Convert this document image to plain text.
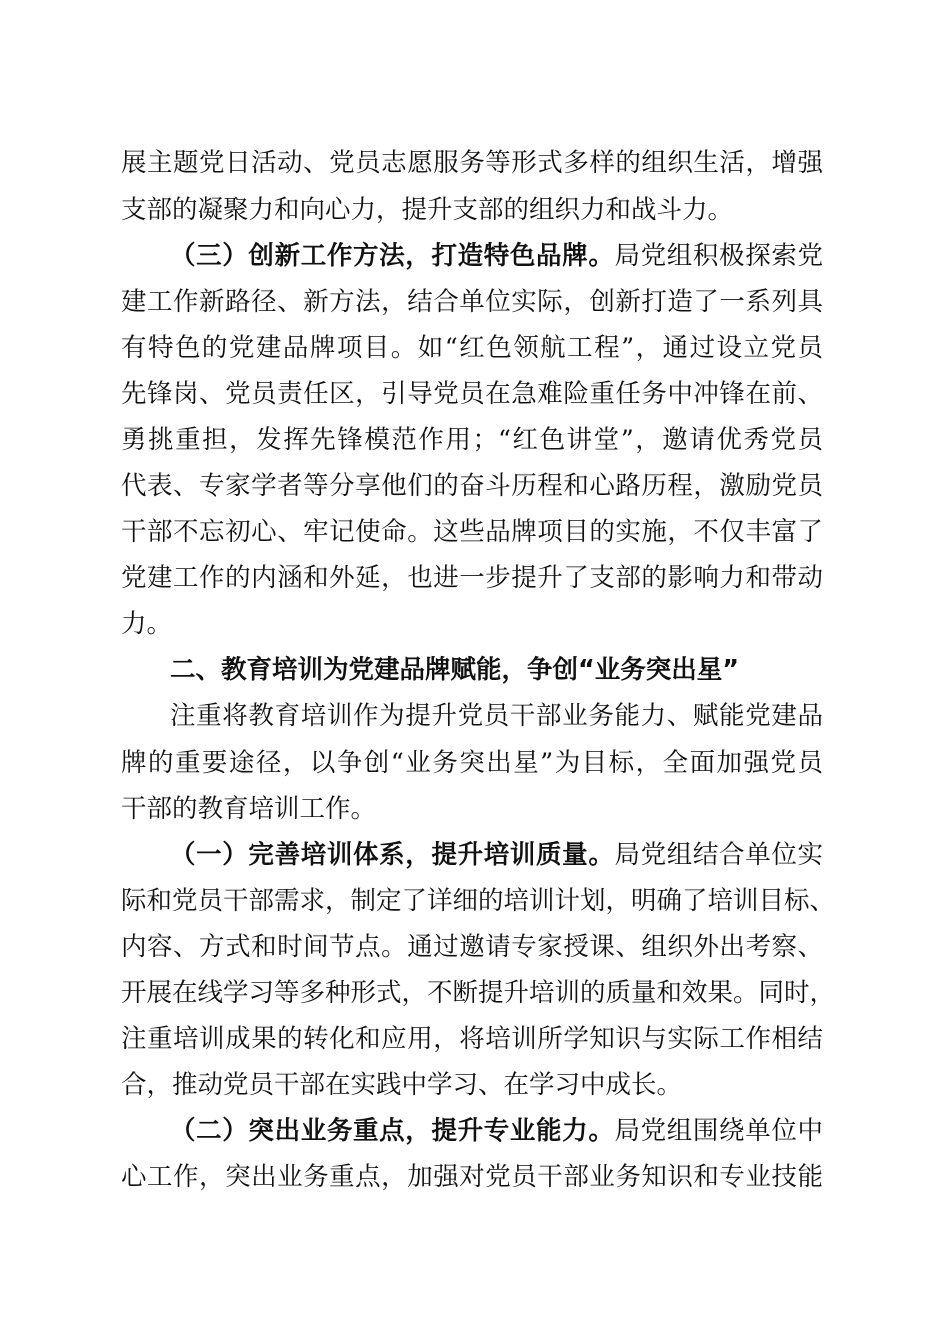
展主题党日活动、党员志愿服务等形式多样的组织生活，增强
支部的凝聚力和向心力，提升支部的组织力和战斗力。
（三）创新工作方法，打造特色品牌。局党组积极探索党
建工作新路径、新方法，结合单位实际，创新打造了一系列具
有特色的党建品牌项目。如“红色领航工程”，通过设立党员
先锋岗、党员责任区，引导党员在急难险重任务中冲锋在前、
勇挑重担，发挥先锋模范作用；“红色讲堂”，邀请优秀党员
代表、专家学者等分享他们的奋斗历程和心路历程，激励党员
干部不忘初心、牢记使命。这些品牌项目的实施，不仅丰富了
党建工作的内涵和外延，也进一步提升了支部的影响力和带动
力。
二、教育培训为党建品牌赋能，争创“业务突出星”
注重将教育培训作为提升党员干部业务能力、赋能党建品
牌的重要途径，以争创“业务突出星”为目标，全面加强党员
干部的教育培训工作。
（一）完善培训体系，提升培训质量。局党组结合单位实
际和党员干部需求，制定了详细的培训计划，明确了培训目标、
内容、方式和时间节点。通过邀请专家授课、组织外出考察、
开展在线学习等多种形式，不断提升培训的质量和效果。同时，
注重培训成果的转化和应用，将培训所学知识与实际工作相结
合，推动党员干部在实践中学习、在学习中成长。
（二）突出业务重点，提升专业能力。局党组围绕单位中
心工作，突出业务重点，加强对党员干部业务知识和专业技能
